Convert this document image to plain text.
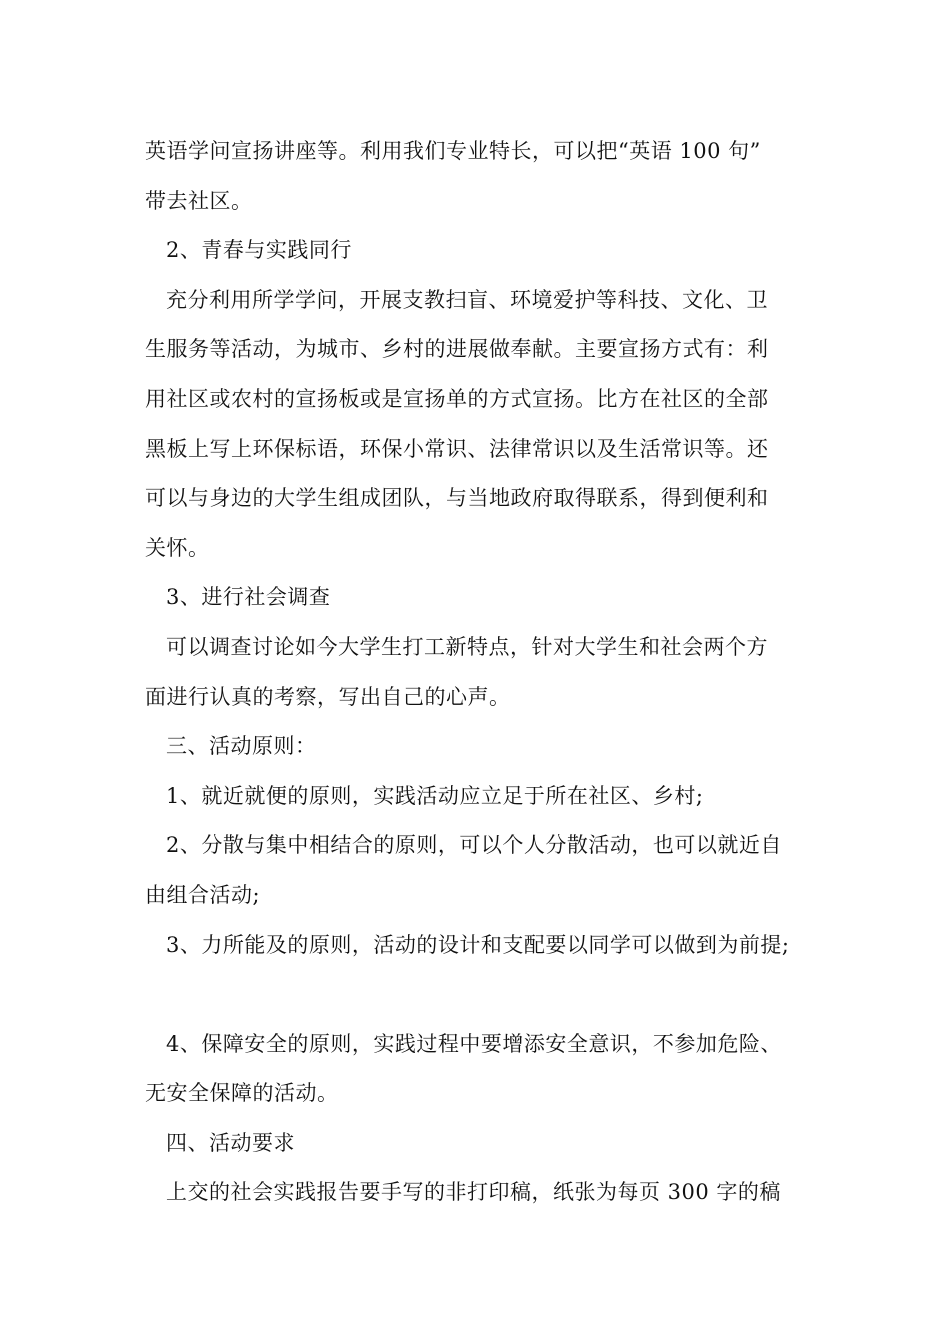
英语学问宣扬讲座等。利用我们专业特长，可以把“英语 100 句”
带去社区。
2、青春与实践同行
充分利用所学学问，开展支教扫盲、环境爱护等科技、文化、卫
生服务等活动，为城市、乡村的进展做奉献。主要宣扬方式有：利
用社区或农村的宣扬板或是宣扬单的方式宣扬。比方在社区的全部
黑板上写上环保标语，环保小常识、法律常识以及生活常识等。还
可以与身边的大学生组成团队，与当地政府取得联系，得到便利和
关怀。
3、进行社会调查
可以调查讨论如今大学生打工新特点，针对大学生和社会两个方
面进行认真的考察，写出自己的心声。
三、活动原则：
1、就近就便的原则，实践活动应立足于所在社区、乡村;
2、分散与集中相结合的原则，可以个人分散活动，也可以就近自
由组合活动;
3、力所能及的原则，活动的设计和支配要以同学可以做到为前提;
4、保障安全的原则，实践过程中要增添安全意识，不参加危险、
无安全保障的活动。
四、活动要求
上交的社会实践报告要手写的非打印稿，纸张为每页 300 字的稿
